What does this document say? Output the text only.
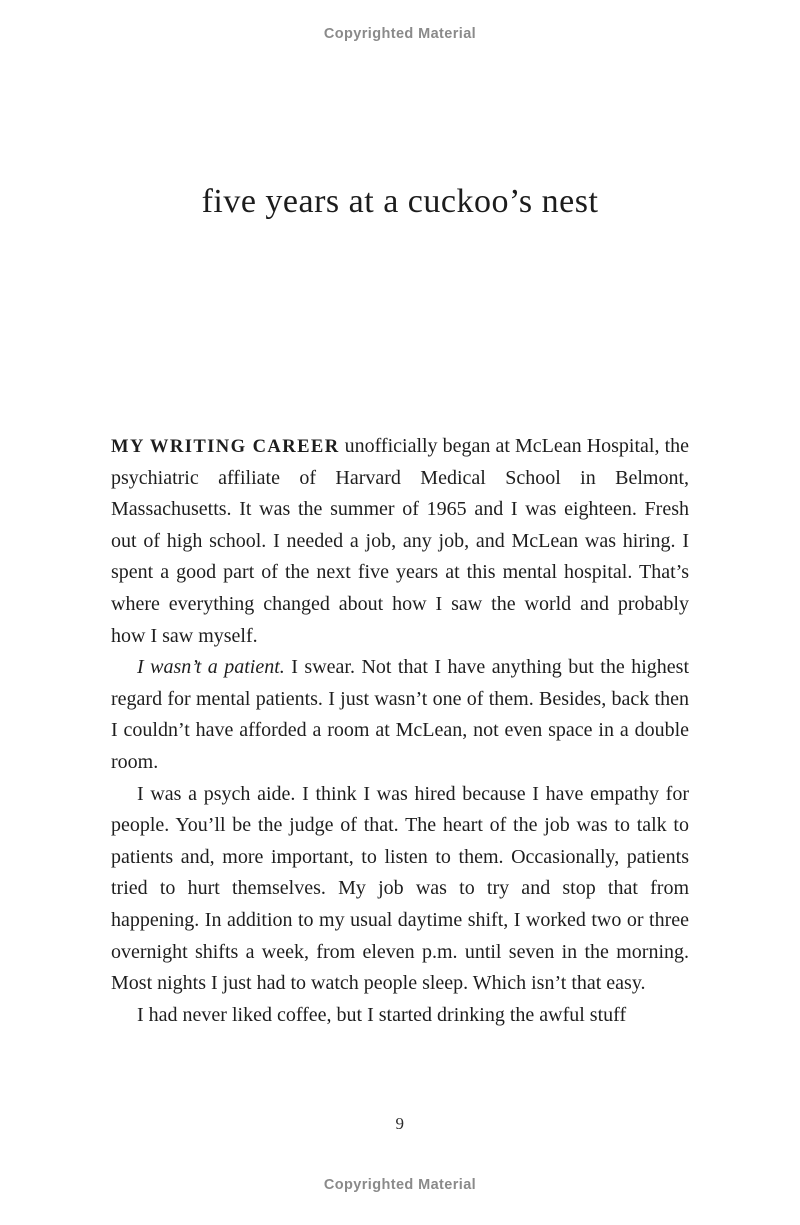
Copyrighted Material
five years at a cuckoo’s nest

MY WRITING CAREER unofficially began at McLean Hospital, the psychiatric affiliate of Harvard Medical School in Belmont, Massachusetts. It was the summer of 1965 and I was eighteen. Fresh out of high school. I needed a job, any job, and McLean was hiring. I spent a good part of the next five years at this mental hospital. That’s where everything changed about how I saw the world and probably how I saw myself.

I wasn’t a patient. I swear. Not that I have anything but the highest regard for mental patients. I just wasn’t one of them. Besides, back then I couldn’t have afforded a room at McLean, not even space in a double room.

I was a psych aide. I think I was hired because I have empathy for people. You’ll be the judge of that. The heart of the job was to talk to patients and, more important, to listen to them. Occasionally, patients tried to hurt themselves. My job was to try and stop that from happening. In addition to my usual daytime shift, I worked two or three overnight shifts a week, from eleven p.m. until seven in the morning. Most nights I just had to watch people sleep. Which isn’t that easy.

I had never liked coffee, but I started drinking the awful stuff

9
Copyrighted Material
